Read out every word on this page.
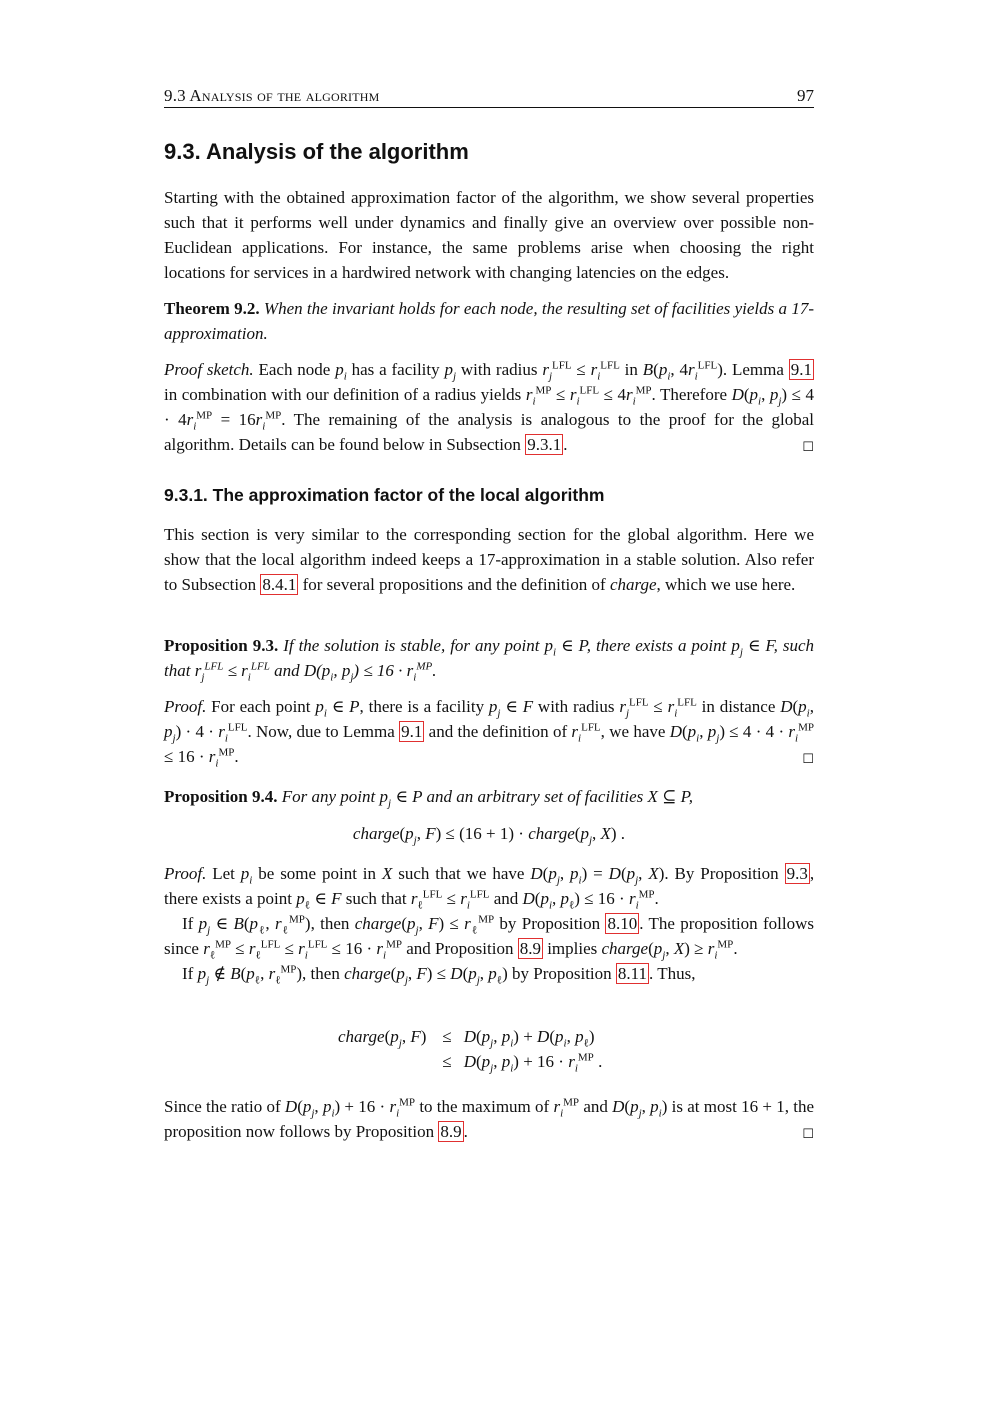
9.3 Analysis of the algorithm	97
9.3. Analysis of the algorithm
Starting with the obtained approximation factor of the algorithm, we show several properties such that it performs well under dynamics and finally give an overview over possible non-Euclidean applications. For instance, the same problems arise when choosing the right locations for services in a hardwired network with changing latencies on the edges.
Theorem 9.2. When the invariant holds for each node, the resulting set of facilities yields a 17-approximation.
Proof sketch. Each node $p_i$ has a facility $p_j$ with radius $r_j^{LFL} \le r_i^{LFL}$ in $B(p_i$, $4r_i^{LFL}$). Lemma 9.1 in combination with our definition of a radius yields $r_i^{MP} \le r_i^{LFL} \le 4r_i^{MP}$. Therefore $D(p_i$, $p_j) \le 4 \cdot 4r_i^{MP} = 16r_i^{MP}$. The remaining of the analysis is analogous to the proof for the global algorithm. Details can be found below in Subsection 9.3.1 .	☐
9.3.1. The approximation factor of the local algorithm
This section is very similar to the corresponding section for the global algorithm. Here we show that the local algorithm indeed keeps a 17-approximation in a stable solution. Also refer to Subsection 8.4.1 for several propositions and the definition of charge, which we use here.
Proposition 9.3. If the solution is stable, for any point $p_i$ ∈ P, there exists a point $p_j$ ∈ F, such that $r_j^{LFL} \le r_i^{LFL}$ and $D(p_i$, $p_j) \le 16 \cdot r_i^{MP}$.
Proof. For each point $p_i$ ∈ P, there is a facility $p_j$ ∈ F with radius $r_j^{LFL} \le r_i^{LFL}$ in distance $D(p_i$, $p_j) \cdot 4 \cdot r_i^{LFL}$. Now, due to Lemma 9.1 and the definition of $r_i^{LFL}$, we have $D(p_i$, $p_j) \le 4 \cdot 4 \cdot r_i^{MP} \le 16 \cdot r_i^{MP}$.	☐
Proposition 9.4. For any point $p_j$ ∈ P and an arbitrary set of facilities X ⊆ P,
$charge(p_j$, $F) \le (16 + 1) \cdot charge(p_j$, X) .
Proof. Let $p_i$ be some point in X such that we have $D(p_j$, $p_i) = D(p_j$, X). By Proposition 9.3 , there exists a point $p_\ell$ ∈ F such that $r_\ell^{LFL} \le r_i^{LFL}$ and $D(p_i$, $p_\ell) \le 16 \cdot r_i^{MP}$.
If $p_j$ ∈ $B(p_\ell$, $r_\ell^{MP}$), then $charge(p_j$, $F) \le r_\ell^{MP}$ by Proposition 8.10 . The proposition follows since $r_\ell^{MP} \le r_\ell^{LFL} \le r_i^{LFL} \le 16 \cdot r_i^{MP}$ and Proposition 8.9 implies $charge(p_j$, $X) \ge r_i^{MP}$.
If $p_j$ ∉ $B(p_\ell$, $r_\ell^{MP}$), then $charge(p_j$, $F) \le D(p_j$, $p_\ell$) by Proposition 8.11 . Thus,
$charge(p_j$, F)	≤	$D(p_j$, $p_i) + D(p_i$, $p_\ell$)
	≤	$D(p_j$, $p_i) + 16 \cdot r_i^{MP}$ .
Since the ratio of $D(p_j$, $p_i) + 16 \cdot r_i^{MP}$ to the maximum of $r_i^{MP}$ and $D(p_j$, $p_i$) is at most 16 + 1, the proposition now follows by Proposition 8.9 .	☐
